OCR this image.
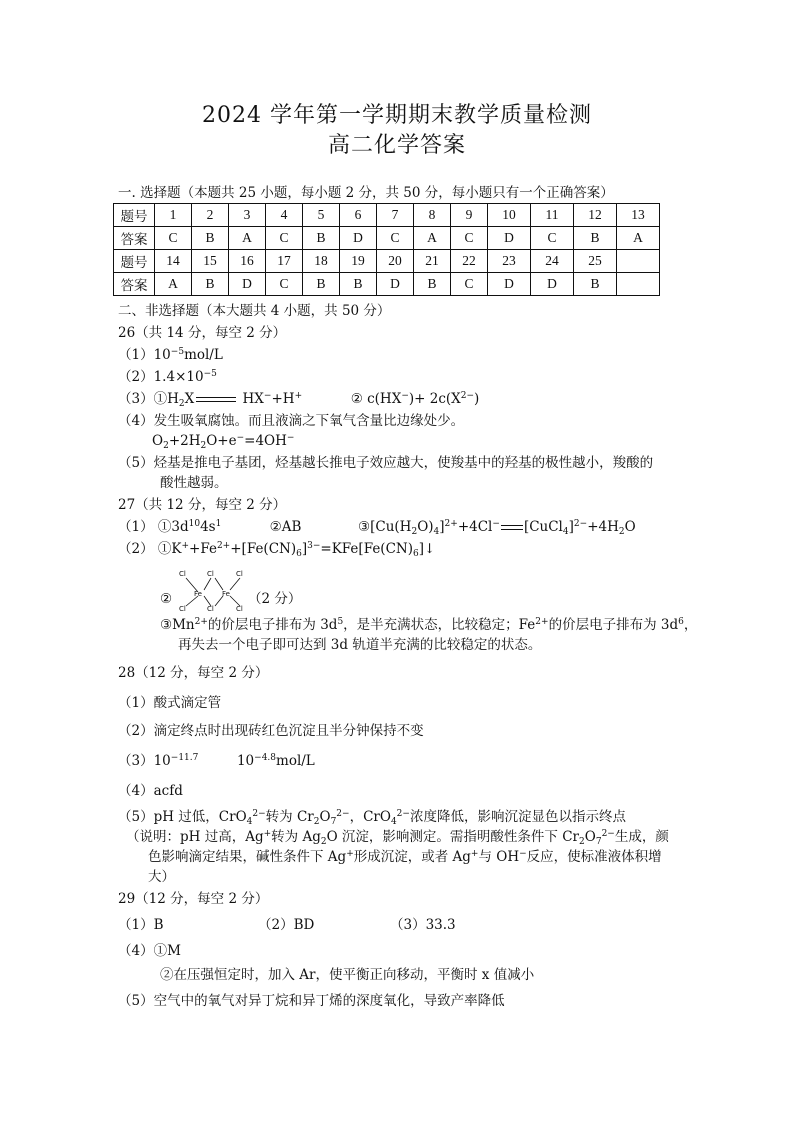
2024 学年第一学期期末教学质量检测
高二化学答案
一. 选择题（本题共 25 小题，每小题 2 分，共 50 分，每小题只有一个正确答案）
题号	1	2	3	4	5	6	7	8	9	10	11	12	13
答案	C	B	A	C	B	D	C	A	C	D	C	B	A
题号	14	15	16	17	18	19	20	21	22	23	24	25	
答案	A	B	D	C	B	B	D	B	C	D	D	B	
二、非选择题（本大题共 4 小题，共 50 分）
26（共 14 分，每空 2 分）
$(1)10^{-5}mol/L$
$(2)1.4\times 10^{-5}$
$(3)①H_2X$	HX−+H+	② $c(HX^-)+ 2c(X^{2-})$
（4）发生吸氧腐蚀。而且液滴之下氧气含量比边缘处少。
$O_2+2H_2O+e^-=4OH^-$
（5）烃基是推电子基团，烃基越长推电子效应越大，使羧基中的羟基的极性越小，羧酸的
酸性越弱。
27（共 12 分，每空 2 分）
（1） $①3d^{10}4s^1$	②AB	$③[Cu(H_2O)_4]^{2+}+4Cl^-$ $[CuCl_4]^{2-}+4H_2O$
（2） $①K^++Fe^{2+}+[Fe(CN)_6]^{3-}=KFe[Fe(CN)_6]↓$
②
Cl	Cl	Cl
Fe	Fe
Cl	Cl	Cl
（2 分）
$③Mn^{2+}$的价层电子排布为 $3d^5$，是半充满状态，比较稳定；$Fe^{2+}$的价层电子排布为 $3d^6$，
再失去一个电子即可达到 3d 轨道半充满的比较稳定的状态。
28（12 分，每空 2 分）
（1）酸式滴定管
（2）滴定终点时出现砖红色沉淀且半分钟保持不变
$(3)10^{-11.7}$	$10^{-4.8}mol/L$
（4）acfd
（5）pH 过低，CrO$_4^{2-}$转为 $Cr_2O_7^{2-}$，CrO$_4^{2-}$浓度降低，影响沉淀显色以指示终点
（说明：pH 过高，Ag+转为 $Ag_2O$ 沉淀，影响测定。需指明酸性条件下 $Cr_2O_7^{2-}$生成，颜
色影响滴定结果，碱性条件下 Ag+形成沉淀，或者 Ag+与 OH−反应，使标准液体积增
大）
29（12 分，每空 2 分）
（1）B	（2）BD	（3）33.3
（4）①M
②在压强恒定时，加入 Ar，使平衡正向移动，平衡时 x 值减小
（5）空气中的氧气对异丁烷和异丁烯的深度氧化，导致产率降低
